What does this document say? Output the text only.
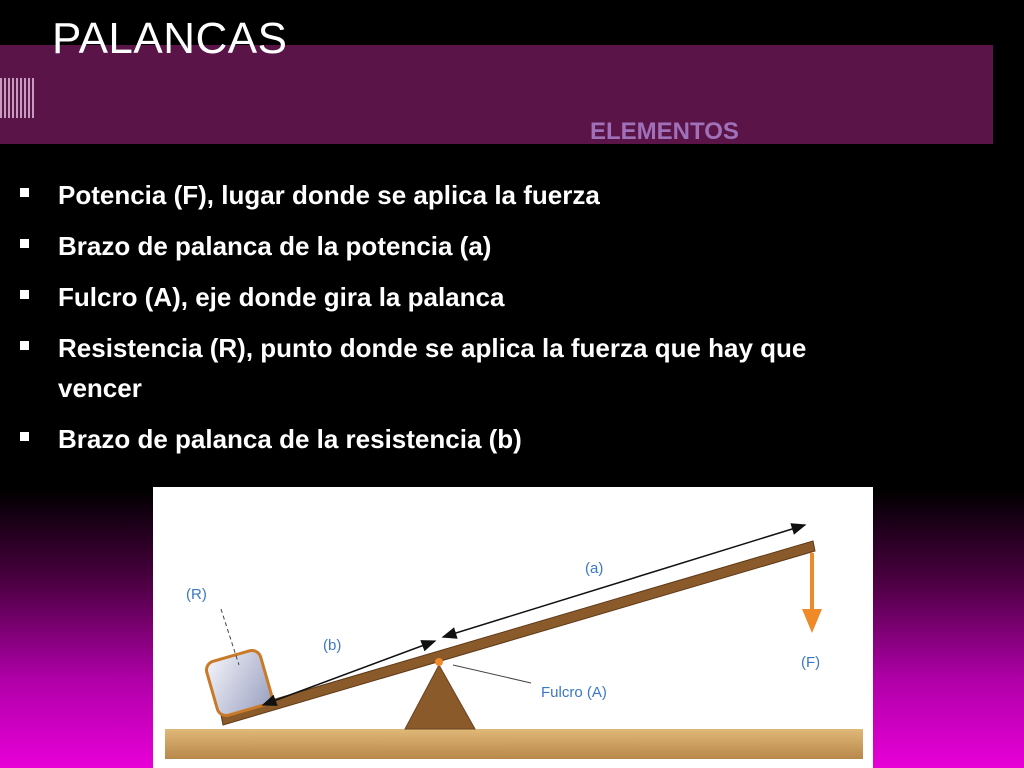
PALANCAS
ELEMENTOS
Potencia (F), lugar donde se aplica la fuerza
Brazo de palanca de la potencia (a)
Fulcro (A), eje donde gira la palanca
Resistencia (R), punto donde se aplica la fuerza que hay que vencer
Brazo de palanca de la resistencia (b)
(R)
(b)
(a)
(F)
Fulcro (A)
